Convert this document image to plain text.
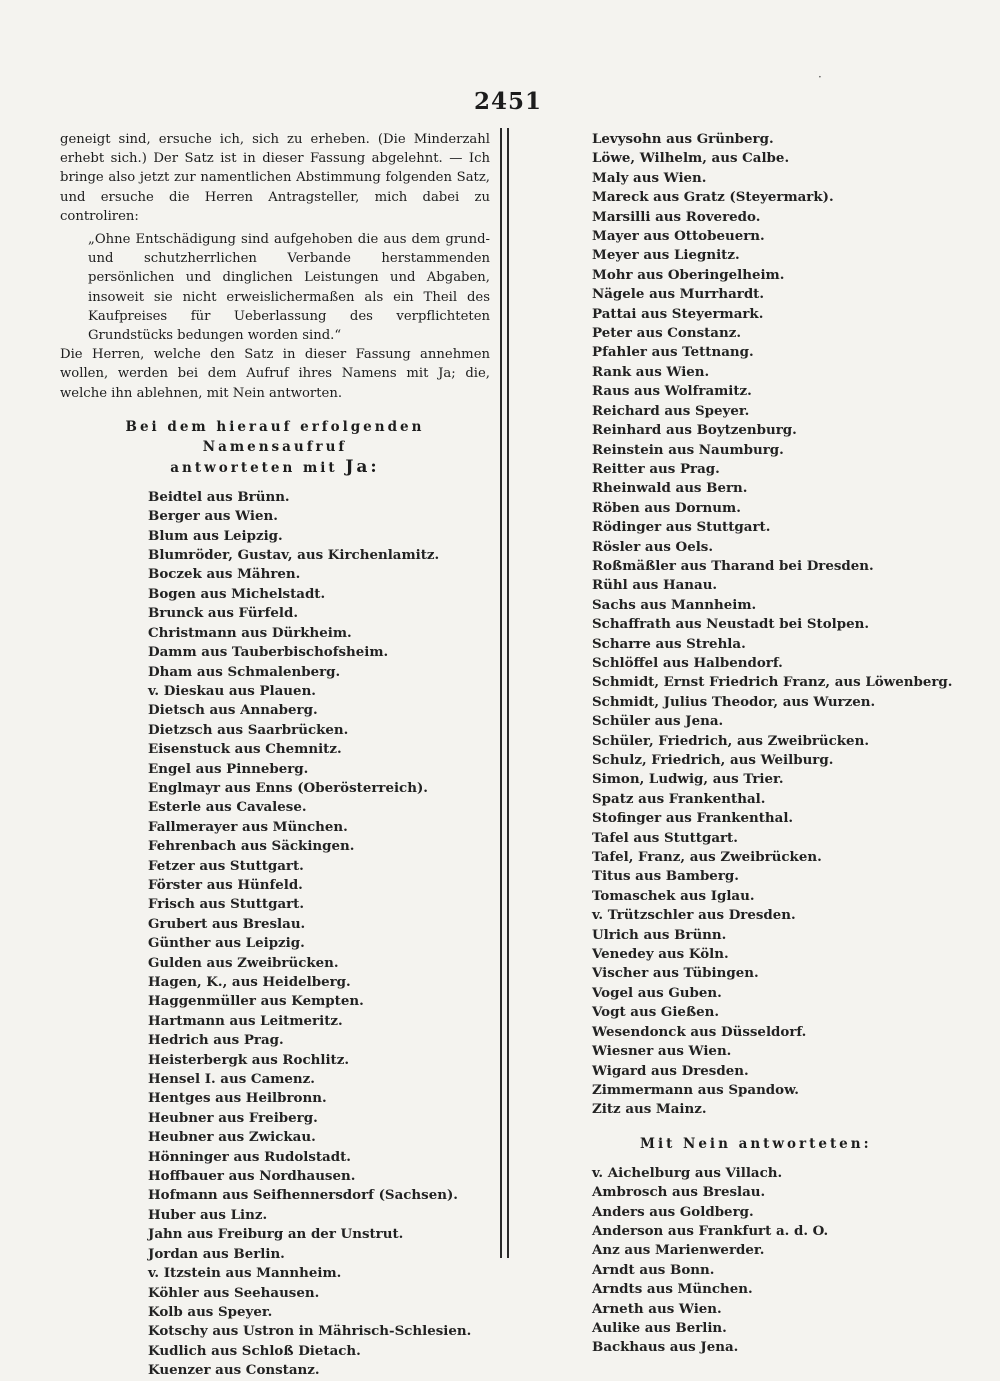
·
2451

geneigt sind, ersuche ich, sich zu erheben. (Die Minderzahl erhebt sich.) Der Satz ist in dieser Fassung abgelehnt. — Ich bringe also jetzt zur namentlichen Abstimmung folgenden Satz, und ersuche die Herren Antragsteller, mich dabei zu controliren:

„Ohne Entschädigung sind aufgehoben die aus dem grund- und schutzherrlichen Verbande herstammenden persönlichen und dinglichen Leistungen und Abgaben, insoweit sie nicht erweislichermaßen als ein Theil des Kaufpreises für Ueberlassung des verpflichteten Grundstücks bedungen worden sind.“

Die Herren, welche den Satz in dieser Fassung annehmen wollen, werden bei dem Aufruf ihres Namens mit Ja; die, welche ihn ablehnen, mit Nein antworten.

Bei dem hierauf erfolgenden Namensaufruf
antworteten mit Ja:
Beidtel aus Brünn.
Berger aus Wien.
Blum aus Leipzig.
Blumröder, Gustav, aus Kirchenlamitz.
Boczek aus Mähren.
Bogen aus Michelstadt.
Brunck aus Fürfeld.
Christmann aus Dürkheim.
Damm aus Tauberbischofsheim.
Dham aus Schmalenberg.
v. Dieskau aus Plauen.
Dietsch aus Annaberg.
Dietzsch aus Saarbrücken.
Eisenstuck aus Chemnitz.
Engel aus Pinneberg.
Englmayr aus Enns (Oberösterreich).
Esterle aus Cavalese.
Fallmerayer aus München.
Fehrenbach aus Säckingen.
Fetzer aus Stuttgart.
Förster aus Hünfeld.
Frisch aus Stuttgart.
Grubert aus Breslau.
Günther aus Leipzig.
Gulden aus Zweibrücken.
Hagen, K., aus Heidelberg.
Haggenmüller aus Kempten.
Hartmann aus Leitmeritz.
Hedrich aus Prag.
Heisterbergk aus Rochlitz.
Hensel I. aus Camenz.
Hentges aus Heilbronn.
Heubner aus Freiberg.
Heubner aus Zwickau.
Hönninger aus Rudolstadt.
Hoffbauer aus Nordhausen.
Hofmann aus Seifhennersdorf (Sachsen).
Huber aus Linz.
Jahn aus Freiburg an der Unstrut.
Jordan aus Berlin.
v. Itzstein aus Mannheim.
Köhler aus Seehausen.
Kolb aus Speyer.
Kotschy aus Ustron in Mährisch-Schlesien.
Kudlich aus Schloß Dietach.
Kuenzer aus Constanz.
Levysohn aus Grünberg.
Löwe, Wilhelm, aus Calbe.
Maly aus Wien.
Mareck aus Gratz (Steyermark).
Marsilli aus Roveredo.
Mayer aus Ottobeuern.
Meyer aus Liegnitz.
Mohr aus Oberingelheim.
Nägele aus Murrhardt.
Pattai aus Steyermark.
Peter aus Constanz.
Pfahler aus Tettnang.
Rank aus Wien.
Raus aus Wolframitz.
Reichard aus Speyer.
Reinhard aus Boytzenburg.
Reinstein aus Naumburg.
Reitter aus Prag.
Rheinwald aus Bern.
Röben aus Dornum.
Rödinger aus Stuttgart.
Rösler aus Oels.
Roßmäßler aus Tharand bei Dresden.
Rühl aus Hanau.
Sachs aus Mannheim.
Schaffrath aus Neustadt bei Stolpen.
Scharre aus Strehla.
Schlöffel aus Halbendorf.
Schmidt, Ernst Friedrich Franz, aus Löwenberg.
Schmidt, Julius Theodor, aus Wurzen.
Schüler aus Jena.
Schüler, Friedrich, aus Zweibrücken.
Schulz, Friedrich, aus Weilburg.
Simon, Ludwig, aus Trier.
Spatz aus Frankenthal.
Stofinger aus Frankenthal.
Tafel aus Stuttgart.
Tafel, Franz, aus Zweibrücken.
Titus aus Bamberg.
Tomaschek aus Iglau.
v. Trützschler aus Dresden.
Ulrich aus Brünn.
Venedey aus Köln.
Vischer aus Tübingen.
Vogel aus Guben.
Vogt aus Gießen.
Wesendonck aus Düsseldorf.
Wiesner aus Wien.
Wigard aus Dresden.
Zimmermann aus Spandow.
Zitz aus Mainz.
Mit Nein antworteten:
v. Aichelburg aus Villach.
Ambrosch aus Breslau.
Anders aus Goldberg.
Anderson aus Frankfurt a. d. O.
Anz aus Marienwerder.
Arndt aus Bonn.
Arndts aus München.
Arneth aus Wien.
Aulike aus Berlin.
Backhaus aus Jena.
